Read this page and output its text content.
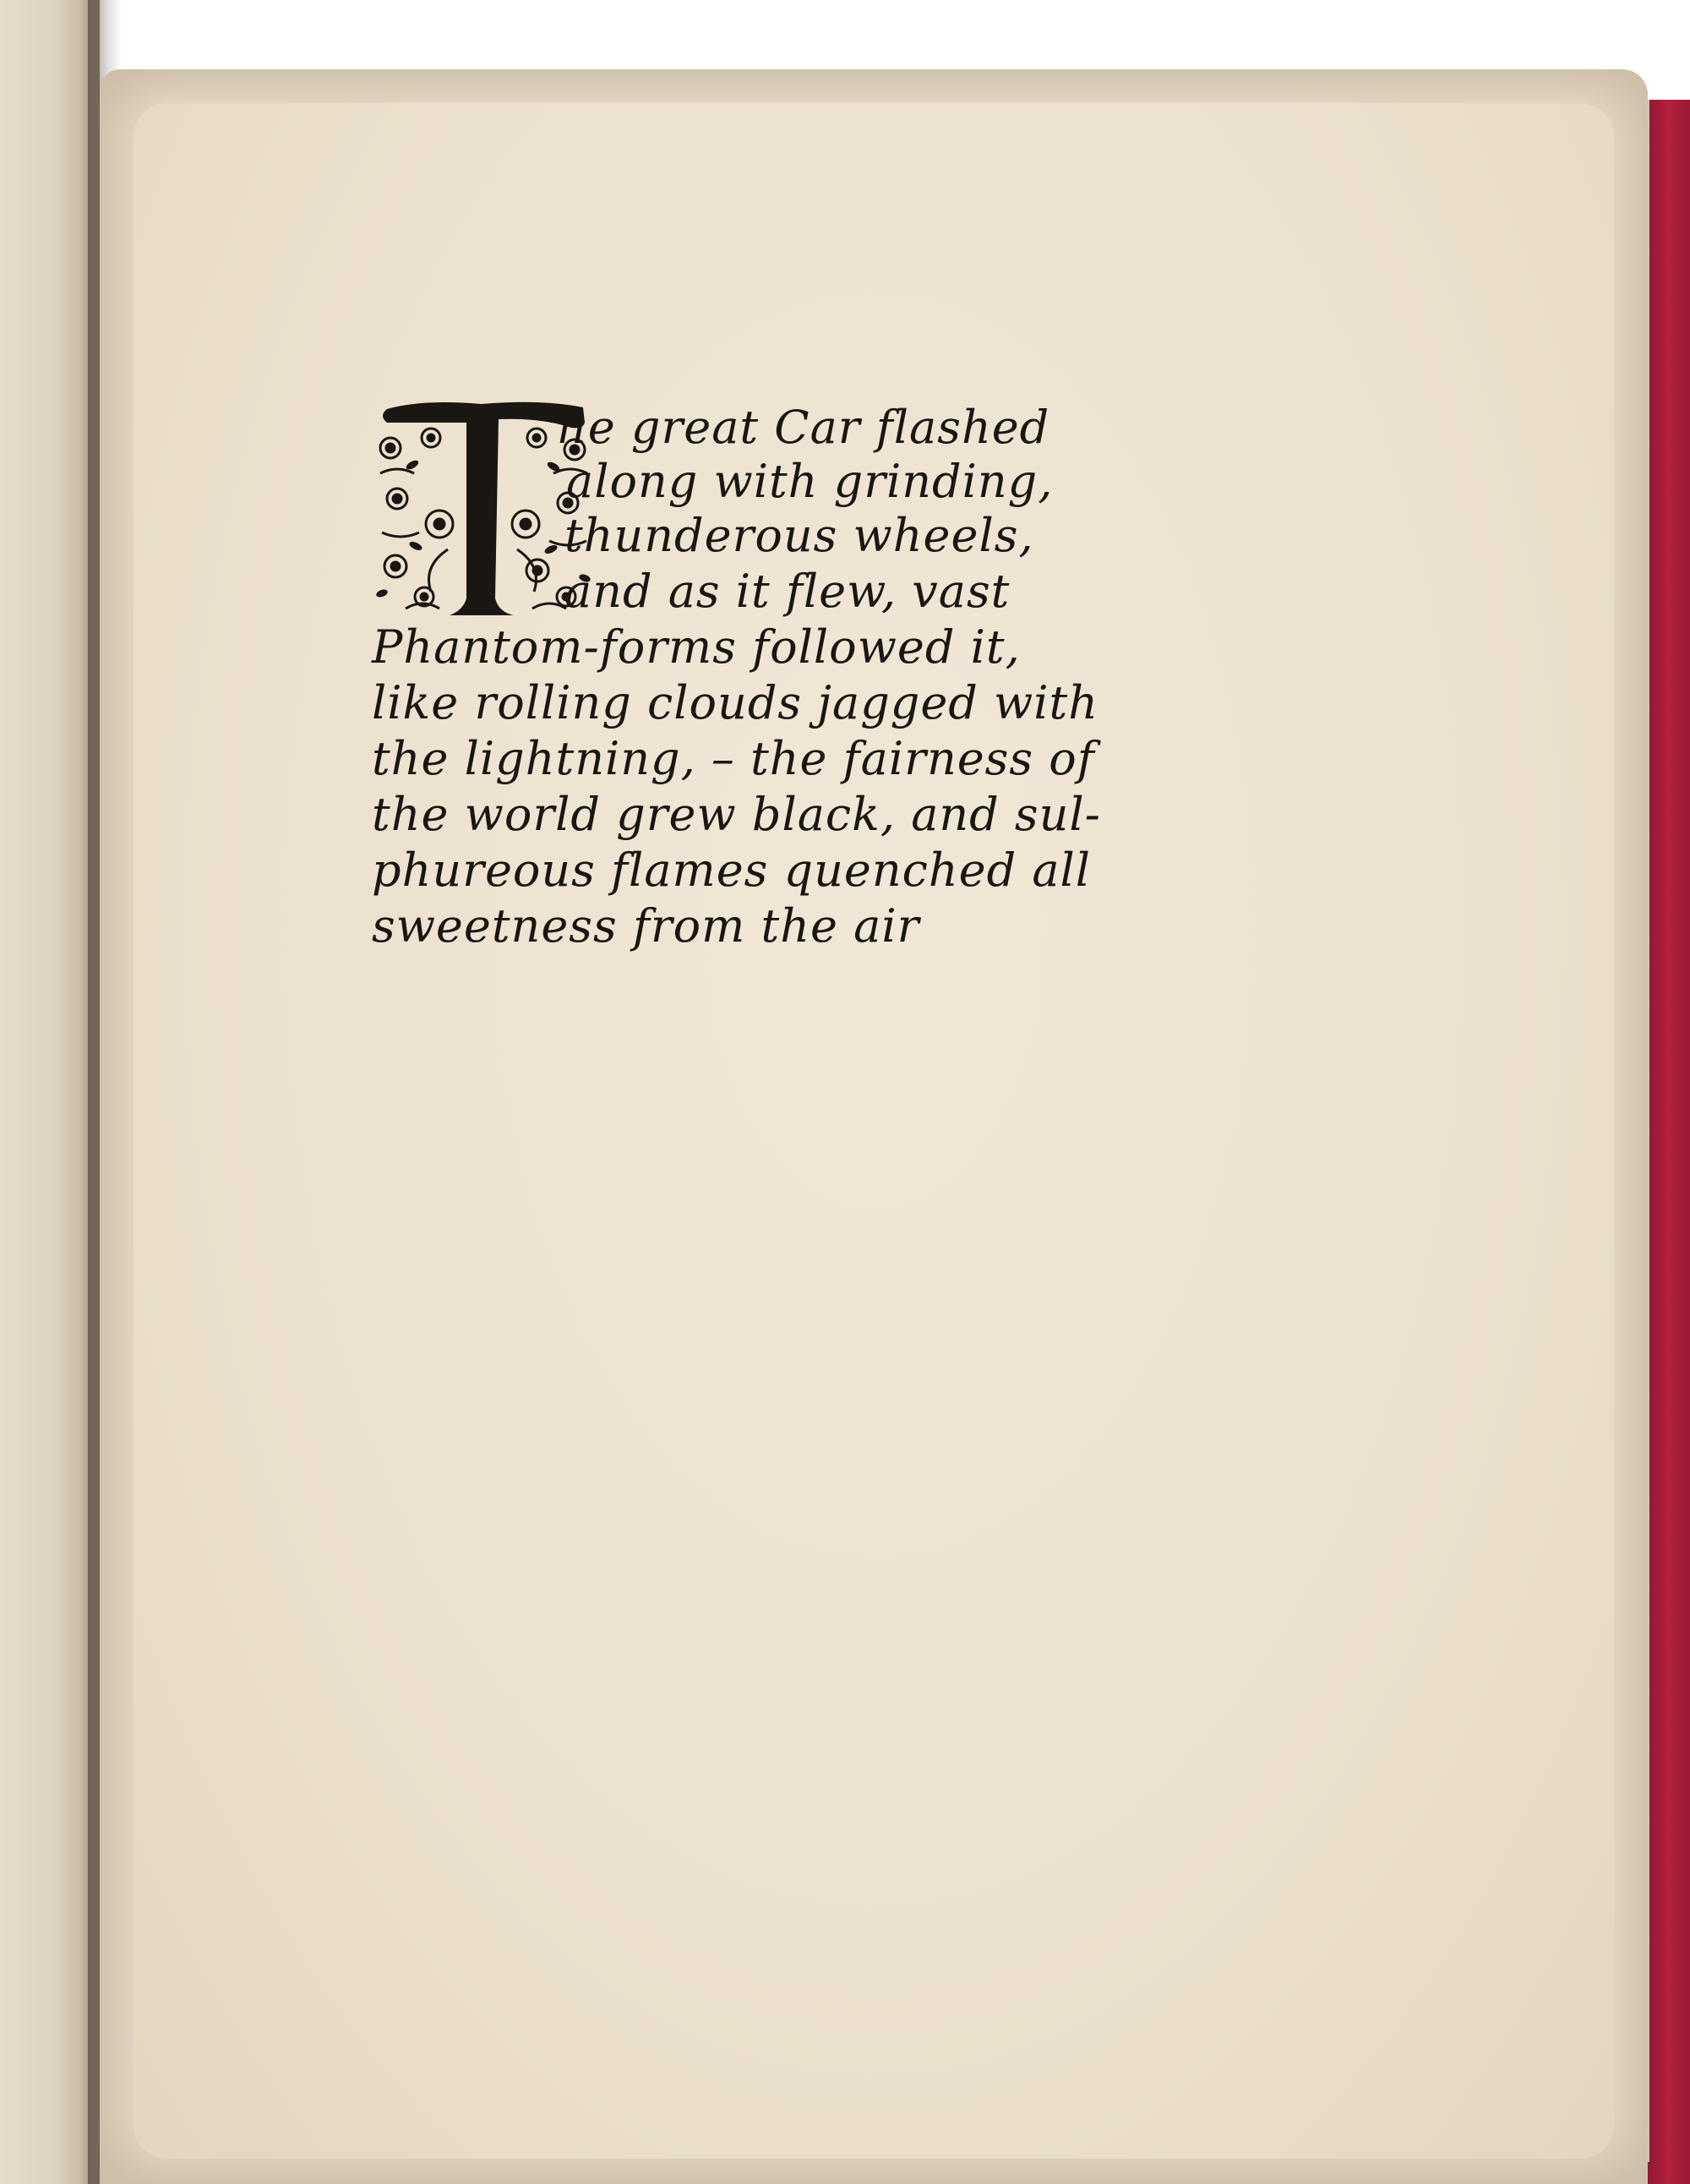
he great Car flashed
along with grinding,
thunderous wheels,
and as it flew, vast
Phantom-forms followed it,
like rolling clouds jagged with
the lightning, – the fairness of
the world grew black, and sul-
phureous flames quenched all
sweetness from the air
